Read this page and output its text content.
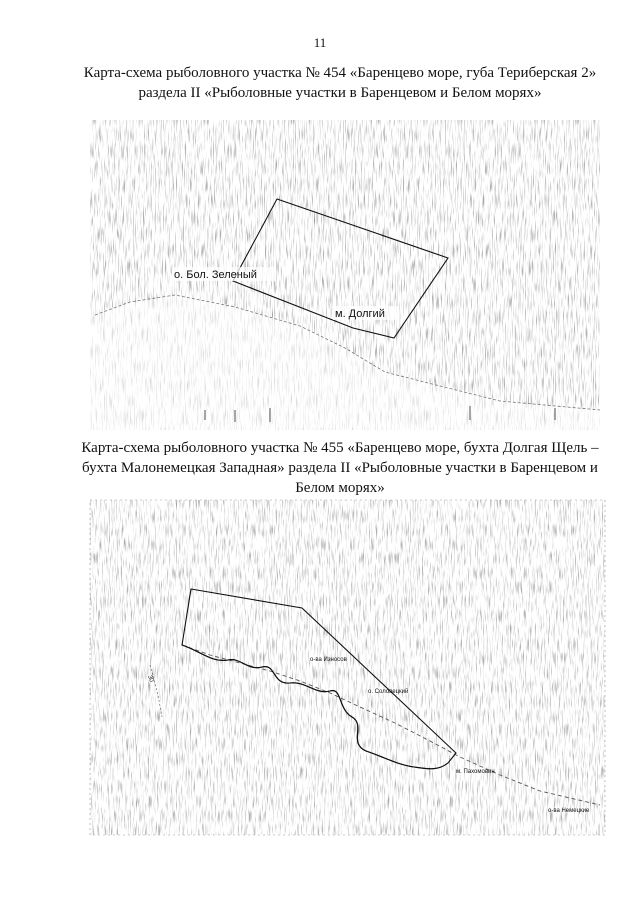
11
Карта-схема рыболовного участка № 454 «Баренцево море, губа Териберская 2» раздела II «Рыболовные участки в Баренцевом и Белом морях»
о. Бол. Зеленый
м. Долгий
Карта-схема рыболовного участка № 455 «Баренцево море, бухта Долгая Щель – бухта Малонемецкая Западная» раздела II «Рыболовные участки в Баренцевом и Белом морях»
о-ва Износов
о. Соловецкий
м. Пахомовин
о-ва Немецкие
30
